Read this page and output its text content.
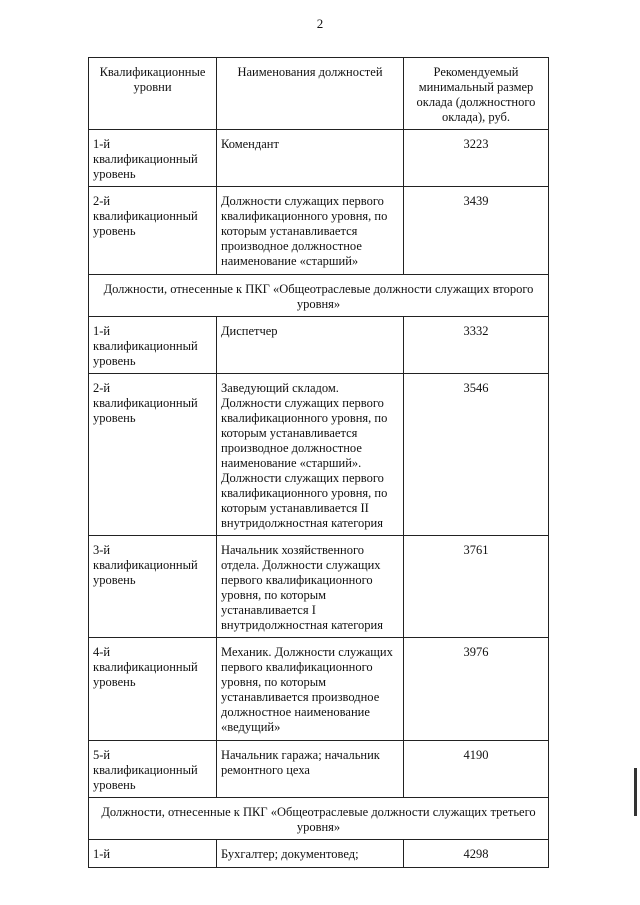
2
Квалификационные уровни	Наименования должностей	Рекомендуемый минимальный размер оклада (должностного оклада), руб.
1-й квалификационный уровень	Комендант	3223
2-й квалификационный уровень	Должности служащих первого квалификационного уровня, по которым устанавливается производное должностное наименование «старший»	3439
Должности, отнесенные к ПКГ «Общеотраслевые должности служащих второго уровня»		
1-й квалификационный уровень	Диспетчер	3332
2-й квалификационный уровень	Заведующий складом. Должности служащих первого квалификационного уровня, по которым устанавливается производное должностное наименование «старший». Должности служащих первого квалификационного уровня, по которым устанавливается II внутридолжностная категория	3546
3-й квалификационный уровень	Начальник хозяйственного отдела. Должности служащих первого квалификационного уровня, по которым устанавливается I внутридолжностная категория	3761
4-й квалификационный уровень	Механик. Должности служащих первого квалификационного уровня, по которым устанавливается производное должностное наименование «ведущий»	3976
5-й квалификационный уровень	Начальник гаража; начальник ремонтного цеха	4190
Должности, отнесенные к ПКГ «Общеотраслевые должности служащих третьего уровня»		
1-й	Бухгалтер; документовед;	4298
